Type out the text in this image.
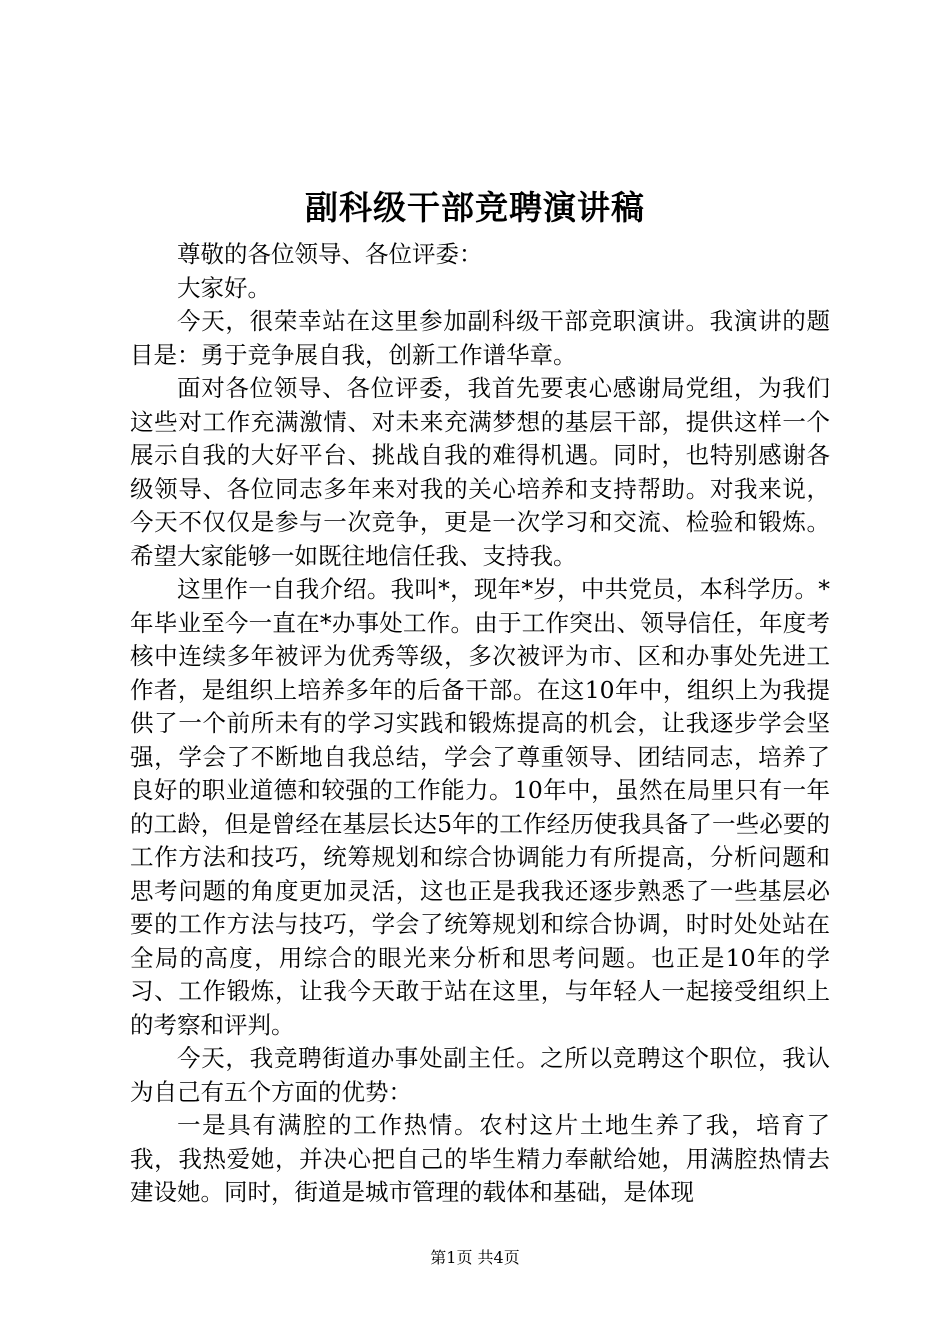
副科级干部竞聘演讲稿

尊敬的各位领导、各位评委：

大家好。

今天，很荣幸站在这里参加副科级干部竞职演讲。我演讲的题目是：勇于竞争展自我，创新工作谱华章。

面对各位领导、各位评委，我首先要衷心感谢局党组，为我们这些对工作充满激情、对未来充满梦想的基层干部，提供这样一个展示自我的大好平台、挑战自我的难得机遇。同时，也特别感谢各级领导、各位同志多年来对我的关心培养和支持帮助。对我来说，今天不仅仅是参与一次竞争，更是一次学习和交流、检验和锻炼。希望大家能够一如既往地信任我、支持我。

这里作一自我介绍。我叫*，现年*岁，中共党员，本科学历。*年毕业至今一直在*办事处工作。由于工作突出、领导信任，年度考核中连续多年被评为优秀等级，多次被评为市、区和办事处先进工作者，是组织上培养多年的后备干部。在这10年中，组织上为我提供了一个前所未有的学习实践和锻炼提高的机会，让我逐步学会坚强，学会了不断地自我总结，学会了尊重领导、团结同志，培养了良好的职业道德和较强的工作能力。10年中，虽然在局里只有一年的工龄，但是曾经在基层长达5年的工作经历使我具备了一些必要的工作方法和技巧，统筹规划和综合协调能力有所提高，分析问题和思考问题的角度更加灵活，这也正是我我还逐步熟悉了一些基层必要的工作方法与技巧，学会了统筹规划和综合协调，时时处处站在全局的高度，用综合的眼光来分析和思考问题。也正是10年的学习、工作锻炼，让我今天敢于站在这里，与年轻人一起接受组织上的考察和评判。

今天，我竞聘街道办事处副主任。之所以竞聘这个职位，我认为自己有五个方面的优势：

一是具有满腔的工作热情。农村这片土地生养了我，培育了我，我热爱她，并决心把自己的毕生精力奉献给她，用满腔热情去建设她。同时，街道是城市管理的载体和基础，是体现

第1页 共4页
